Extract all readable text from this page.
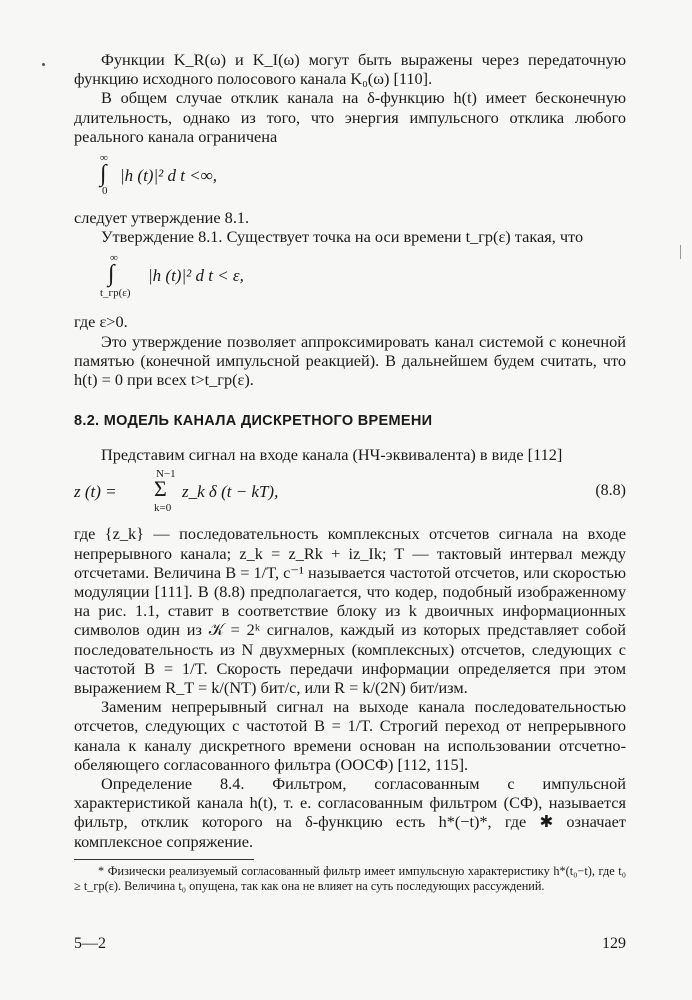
Функции K_R(ω) и K_I(ω) могут быть выражены через передаточную функцию исходного полосового канала K₀(ω) [110].

В общем случае отклик канала на δ-функцию h(t) имеет бесконечную длительность, однако из того, что энергия импульсного отклика любого реального канала ограничена

∞
∫
0
|h (t)|² d t <∞,

следует утверждение 8.1.

Утверждение 8.1. Существует точка на оси времени t_гр(ε) такая, что

∞
∫
t_гр(ε)
|h (t)|² d t < ε,

где ε>0.

Это утверждение позволяет аппроксимировать канал системой с конечной памятью (конечной импульсной реакцией). В дальнейшем будем считать, что h(t) = 0 при всех t>t_гр(ε).

8.2. МОДЕЛЬ КАНАЛА ДИСКРЕТНОГО ВРЕМЕНИ

Представим сигнал на входе канала (НЧ-эквивалента) в виде [112]

z (t) =
N−1
Σ
k=0
z_k δ (t − kT),	(8.8)

где {z_k} — последовательность комплексных отсчетов сигнала на входе непрерывного канала; z_k = z_Rk + iz_Ik; T — тактовый интервал между отсчетами. Величина B = 1/T, c⁻¹ называется частотой отсчетов, или скоростью модуляции [111]. В (8.8) предполагается, что кодер, подобный изображенному на рис. 1.1, ставит в соответствие блоку из k двоичных информационных символов один из 𝒦 = 2ᵏ сигналов, каждый из которых представляет собой последовательность из N двухмерных (комплексных) отсчетов, следующих с частотой B = 1/T. Скорость передачи информации определяется при этом выражением R_T = k/(NT) бит/с, или R = k/(2N) бит/изм.

Заменим непрерывный сигнал на выходе канала последовательностью отсчетов, следующих с частотой B = 1/T. Строгий переход от непрерывного канала к каналу дискретного времени основан на использовании отсчетно-обеляющего согласованного фильтра (ООСФ) [112, 115].

Определение 8.4. Фильтром, согласованным с импульсной характеристикой канала h(t), т. е. согласованным фильтром (СФ), называется фильтр, отклик которого на δ-функцию есть h*(−t)*, где ✱ означает комплексное сопряжение.

* Физически реализуемый согласованный фильтр имеет импульсную характеристику h*(t₀−t), где t₀ ≥ t_гр(ε). Величина t₀ опущена, так как она не влияет на суть последующих рассуждений.

5—2	129
